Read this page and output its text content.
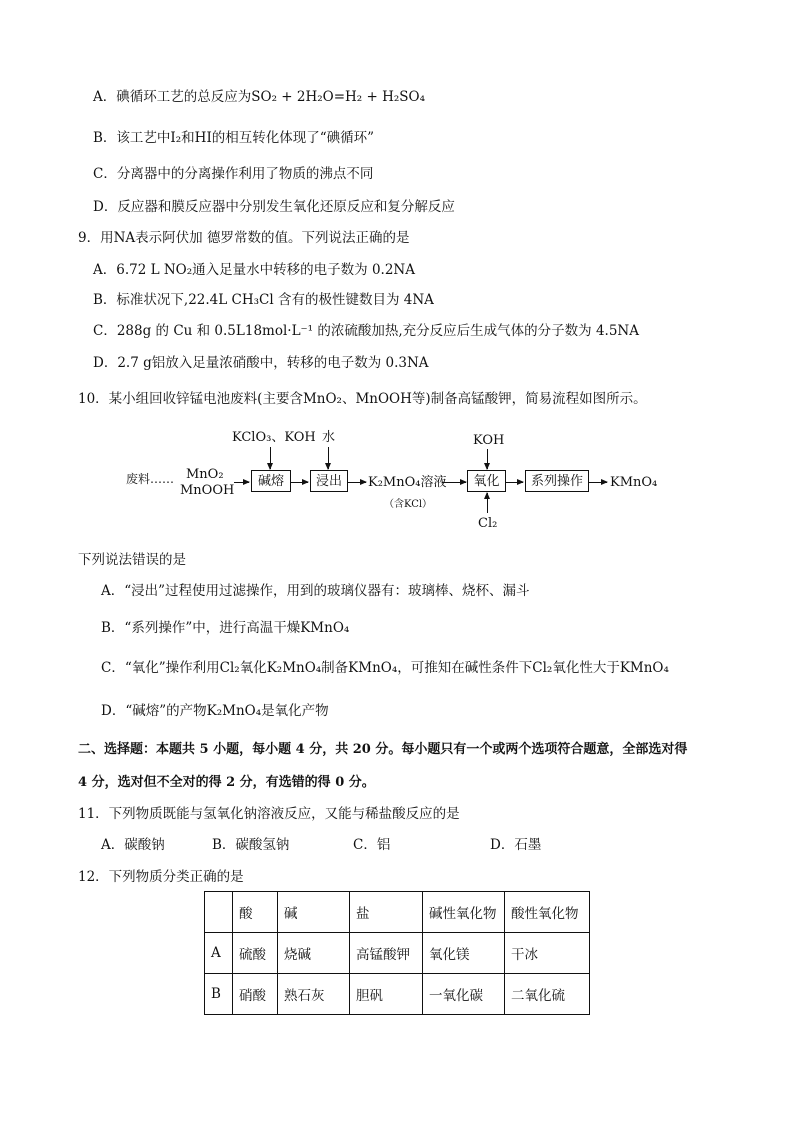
A．碘循环工艺的总反应为SO₂ + 2H₂O=H₂ + H₂SO₄
B．该工艺中I₂和HI的相互转化体现了“碘循环”
C．分离器中的分离操作利用了物质的沸点不同
D．反应器和膜反应器中分别发生氧化还原反应和复分解反应
9．用NA表示阿伏加 德罗常数的值。下列说法正确的是
A．6.72 L NO₂通入足量水中转移的电子数为 0.2NA
B．标准状况下,22.4L CH₃Cl 含有的极性键数目为 4NA
C．288g 的 Cu 和 0.5L18mol·L⁻¹ 的浓硫酸加热,充分反应后生成气体的分子数为 4.5NA
D．2.7 g铝放入足量浓硝酸中，转移的电子数为 0.3NA
10．某小组回收锌锰电池废料(主要含MnO₂、MnOOH等)制备高锰酸钾，简易流程如图所示。
废料…… MnO₂
MnOOH
KClO₃、KOH
碱熔
水
浸出	K₂MnO₄溶液
（含KCl）
KOH
氧化
Cl₂
系列操作	KMnO₄
下列说法错误的是
A．“浸出”过程使用过滤操作，用到的玻璃仪器有：玻璃棒、烧杯、漏斗
B．“系列操作”中，进行高温干燥KMnO₄
C．“氧化”操作利用Cl₂氧化K₂MnO₄制备KMnO₄，可推知在碱性条件下Cl₂氧化性大于KMnO₄
D．“碱熔”的产物K₂MnO₄是氧化产物
二、选择题：本题共 5 小题，每小题 4 分，共 20 分。每小题只有一个或两个选项符合题意，全部选对得
4 分，选对但不全对的得 2 分，有选错的得 0 分。
11．下列物质既能与氢氧化钠溶液反应，又能与稀盐酸反应的是
A．碳酸钠	B．碳酸氢钠	C．铝	D．石墨
12．下列物质分类正确的是
	酸	碱	盐	碱性氧化物	酸性氧化物
A	硫酸	烧碱	高锰酸钾	氧化镁	干冰
B	硝酸	熟石灰	胆矾	一氧化碳	二氧化硫
